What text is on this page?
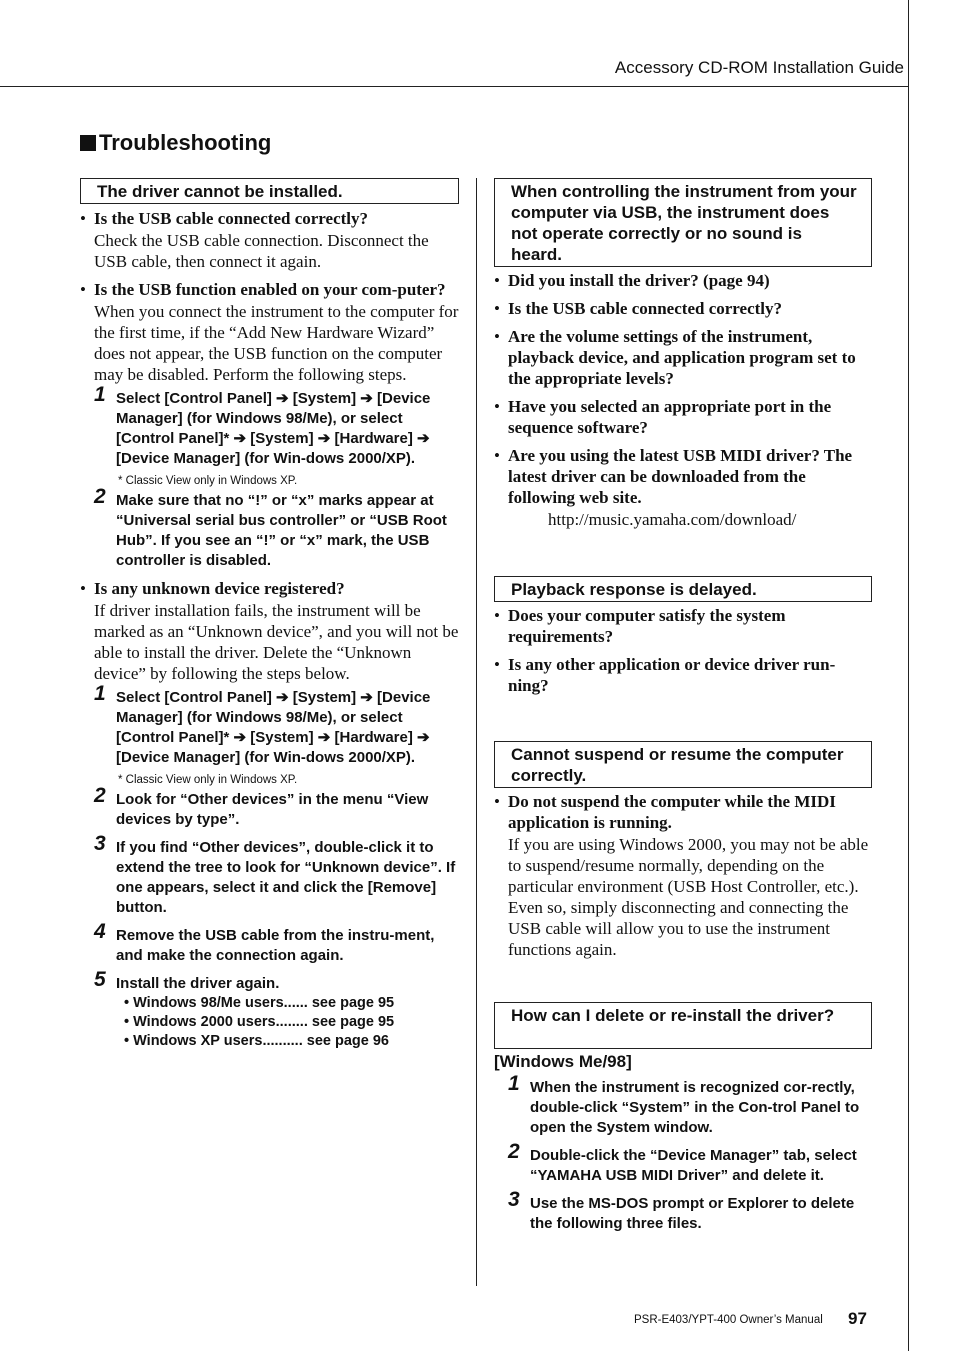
Accessory CD-ROM Installation Guide
Troubleshooting
The driver cannot be installed.

• Is the USB cable connected correctly?

Check the USB cable connection. Disconnect the USB cable, then connect it again.

• Is the USB function enabled on your com-puter?

When you connect the instrument to the computer for the first time, if the “Add New Hardware Wizard” does not appear, the USB function on the computer may be disabled. Perform the following steps.

1 Select [Control Panel] ➔ [System] ➔ [Device Manager] (for Windows 98/Me), or select [Control Panel]* ➔ [System] ➔ [Hardware] ➔ [Device Manager] (for Win-dows 2000/XP).
* Classic View only in Windows XP.
2 Make sure that no “!” or “x” marks appear at “Universal serial bus controller” or “USB Root Hub”. If you see an “!” or “x” mark, the USB controller is disabled.

• Is any unknown device registered?

If driver installation fails, the instrument will be marked as an “Unknown device”, and you will not be able to install the driver. Delete the “Unknown device” by following the steps below.

1 Select [Control Panel] ➔ [System] ➔ [Device Manager] (for Windows 98/Me), or select [Control Panel]* ➔ [System] ➔ [Hardware] ➔ [Device Manager] (for Win-dows 2000/XP).
* Classic View only in Windows XP.
2 Look for “Other devices” in the menu “View devices by type”.
3 If you find “Other devices”, double-click it to extend the tree to look for “Unknown device”. If one appears, select it and click the [Remove] button.
4 Remove the USB cable from the instru-ment, and make the connection again.
5 Install the driver again.
• Windows 98/Me users...... see page 95
• Windows 2000 users........ see page 95
• Windows XP users.......... see page 96
When controlling the instrument from your computer via USB, the instrument does not operate correctly or no sound is heard.

• Did you install the driver? (page 94)

• Is the USB cable connected correctly?

• Are the volume settings of the instrument, playback device, and application program set to the appropriate levels?

• Have you selected an appropriate port in the sequence software?

• Are you using the latest USB MIDI driver? The latest driver can be downloaded from the following web site.

http://music.yamaha.com/download/
Playback response is delayed.

• Does your computer satisfy the system requirements?

• Is any other application or device driver run-ning?

Cannot suspend or resume the computer correctly.

• Do not suspend the computer while the MIDI application is running.

If you are using Windows 2000, you may not be able to suspend/resume normally, depending on the particular environment (USB Host Controller, etc.). Even so, simply disconnecting and connecting the USB cable will allow you to use the instrument functions again.

How can I delete or re-install the driver?
[Windows Me/98]
1 When the instrument is recognized cor-rectly, double-click “System” in the Con-trol Panel to open the System window.
2 Double-click the “Device Manager” tab, select “YAMAHA USB MIDI Driver” and delete it.
3 Use the MS-DOS prompt or Explorer to delete the following three files.
PSR-E403/YPT-400 Owner’s Manual 97
